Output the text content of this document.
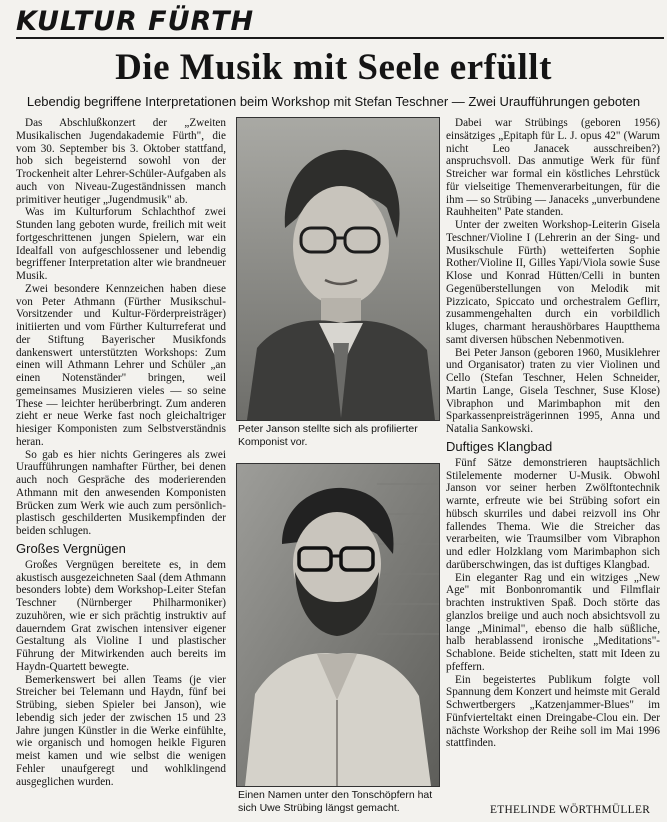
KULTUR FÜRTH
Die Musik mit Seele erfüllt
Lebendig begriffene Interpretationen beim Workshop mit Stefan Teschner — Zwei Uraufführungen geboten

Das Abschlußkonzert der „Zweiten Musikalischen Jugendakademie Fürth", die vom 30. September bis 3. Oktober stattfand, hob sich begeisternd sowohl von der Trockenheit alter Lehrer-Schüler-Aufgaben als auch von Niveau-Zugeständnissen manch primitiver heutiger „Jugendmusik" ab.

Was im Kulturforum Schlachthof zwei Stunden lang geboten wurde, freilich mit weit fortgeschrittenen jungen Spielern, war ein Idealfall von aufgeschlossener und lebendig begriffener Interpretation alter wie brandneuer Musik.

Zwei besondere Kennzeichen haben diese von Peter Athmann (Fürther Musikschul-Vorsitzender und Kultur-Förderpreisträger) initiierten und vom Fürther Kulturreferat und der Stiftung Bayerischer Musikfonds dankenswert unterstützten Workshops: Zum einen will Athmann Lehrer und Schüler „an einen Notenständer" bringen, weil gemeinsames Musizieren vieles — so seine These — leichter herüberbringt. Zum anderen zieht er neue Werke fast noch gleichaltriger hiesiger Komponisten zum Selbstverständnis heran.

So gab es hier nichts Geringeres als zwei Uraufführungen namhafter Fürther, bei denen auch noch Gespräche des moderierenden Athmann mit den anwesenden Komponisten Brücken zum Werk wie auch zum persönlich-plastisch geschilderten Musikempfinden der beiden schlugen.

Großes Vergnügen

Großes Vergnügen bereitete es, in dem akustisch ausgezeichneten Saal (dem Athmann besonders lobte) dem Workshop-Leiter Stefan Teschner (Nürnberger Philharmoniker) zuzuhören, wie er sich prächtig instruktiv auf dauerndem Grat zwischen intensiver eigener Gestaltung als Violine I und plastischer Führung der Mitwirkenden auch bereits im Haydn-Quartett bewegte.

Bemerkenswert bei allen Teams (je vier Streicher bei Telemann und Haydn, fünf bei Strübing, sieben Spieler bei Janson), wie lebendig sich jeder der zwischen 15 und 23 Jahre jungen Künstler in die Werke einfühlte, wie organisch und homogen heikle Figuren meist kamen und wie selbst die wenigen Fehler unaufgeregt und wohlklingend ausgeglichen wurden.

Peter Janson stellte sich als profilierter Komponist vor.
Einen Namen unter den Tonschöpfern hat sich Uwe Strübing längst gemacht.

Dabei war Strübings (geboren 1956) einsätziges „Epitaph für L. J. opus 42" (Warum nicht Leo Janacek ausschreiben?) anspruchsvoll. Das anmutige Werk für fünf Streicher war formal ein köstliches Lehrstück für vielseitige Themenverarbeitungen, für die ihm — so Strübing — Janaceks „unverbundene Rauhheiten" Pate standen.

Unter der zweiten Workshop-Leiterin Gisela Teschner/Violine I (Lehrerin an der Sing- und Musikschule Fürth) wetteiferten Sophie Rother/Violine II, Gilles Yapi/Viola sowie Suse Klose und Konrad Hütten/Celli in bunten Gegenüberstellungen von Melodik mit Pizzicato, Spiccato und orchestralem Geflirr, zusammengehalten durch ein vorbildlich kluges, charmant heraush​örbares Hauptthema samt diversen hübschen Nebenmotiven.

Bei Peter Janson (geboren 1960, Musiklehrer und Organisator) traten zu vier Violinen und Cello (Stefan Teschner, Helen Schneider, Martin Lange, Gisela Teschner, Suse Klose) Vibraphon und Marimbaphon mit den Sparkassenpreisträgerinnen 1995, Anna und Natalia Sankowski.

Duftiges Klangbad

Fünf Sätze demonstrieren hauptsächlich Stilelemente moderner U-Musik. Obwohl Janson vor seiner herben Zwölftontechnik warnte, erfreute wie bei Strübing sofort ein hübsch skurriles und dabei reizvoll ins Ohr fallendes Thema. Wie die Streicher das verarbeiten, wie Traumsilber vom Vibraphon und edler Holzklang vom Marimbaphon sich darüberschwingen, das ist duftiges Klangbad.

Ein eleganter Rag und ein witziges „New Age" mit Bonbonromantik und Filmflair brachten instruktiven Spaß. Doch störte das glanzlos breiige und auch noch absichtsvoll zu lange „Minimal", ebenso die halb süßliche, halb herablassend ironische „Meditations"-Schablone. Beide stichelten, statt mit Ideen zu pfeffern.

Ein begeistertes Publikum folgte voll Spannung dem Konzert und heimste mit Gerald Schwertbergers „Katzenjammer-Blues" im Fünfvierteltakt einen Dreingabe-Clou ein. Der nächste Workshop der Reihe soll im Mai 1996 stattfinden.

ETHELINDE WÖRTHMÜLLER
